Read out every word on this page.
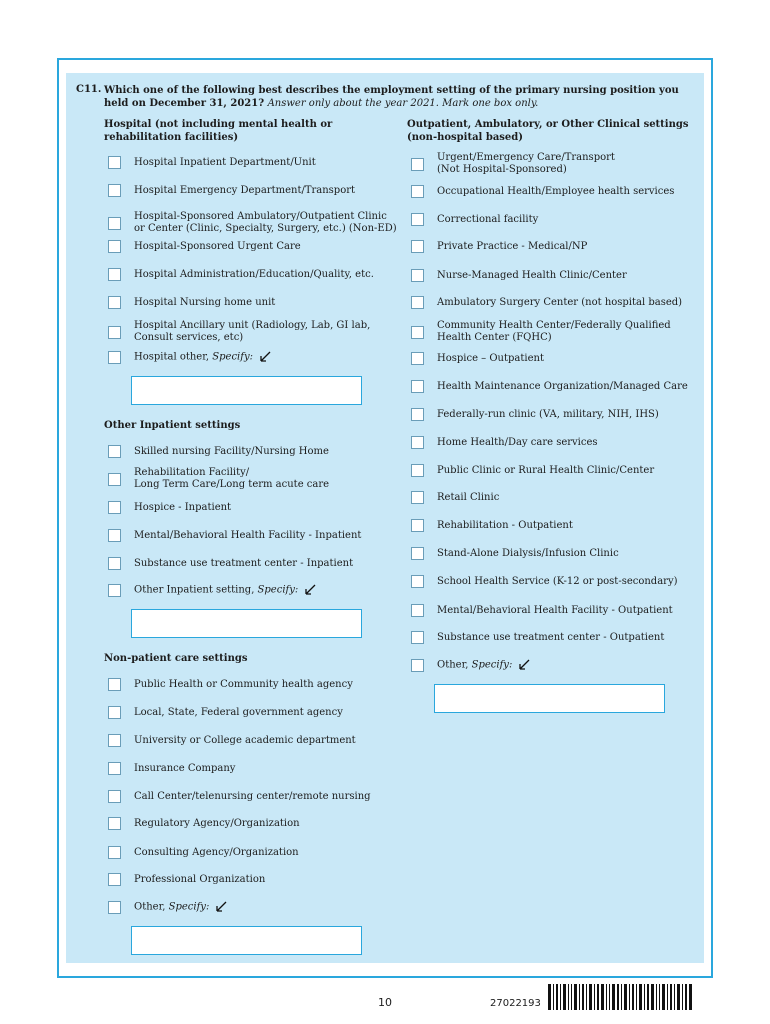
C11. Which one of the following best describes the employment setting of the primary nursing position you held on December 31, 2021? Answer only about the year 2021. Mark one box only.
Hospital (not including mental health or
rehabilitation facilities)
Outpatient, Ambulatory, or Other Clinical settings
(non-hospital based)
Hospital Inpatient Department/Unit
Hospital Emergency Department/Transport
Hospital-Sponsored Ambulatory/Outpatient Clinic
or Center (Clinic, Specialty, Surgery, etc.) (Non-ED)
Hospital-Sponsored Urgent Care
Hospital Administration/Education/Quality, etc.
Hospital Nursing home unit
Hospital Ancillary unit (Radiology, Lab, GI lab,
Consult services, etc)
Hospital other, Specify:
Skilled nursing Facility/Nursing Home
Rehabilitation Facility/
Long Term Care/Long term acute care
Hospice - Inpatient
Mental/Behavioral Health Facility - Inpatient
Substance use treatment center - Inpatient
Other Inpatient setting, Specify:
Public Health or Community health agency
Local, State, Federal government agency
University or College academic department
Insurance Company
Call Center/telenursing center/remote nursing
Regulatory Agency/Organization
Consulting Agency/Organization
Professional Organization
Other, Specify:
Urgent/Emergency Care/Transport
(Not Hospital-Sponsored)
Occupational Health/Employee health services
Correctional facility
Private Practice - Medical/NP
Nurse-Managed Health Clinic/Center
Ambulatory Surgery Center (not hospital based)
Community Health Center/Federally Qualified
Health Center (FQHC)
Hospice – Outpatient
Health Maintenance Organization/Managed Care
Federally-run clinic (VA, military, NIH, IHS)
Home Health/Day care services
Public Clinic or Rural Health Clinic/Center
Retail Clinic
Rehabilitation - Outpatient
Stand-Alone Dialysis/Infusion Clinic
School Health Service (K-12 or post-secondary)
Mental/Behavioral Health Facility - Outpatient
Substance use treatment center - Outpatient
Other, Specify:
Other Inpatient settings
Non-patient care settings
10	27022193
